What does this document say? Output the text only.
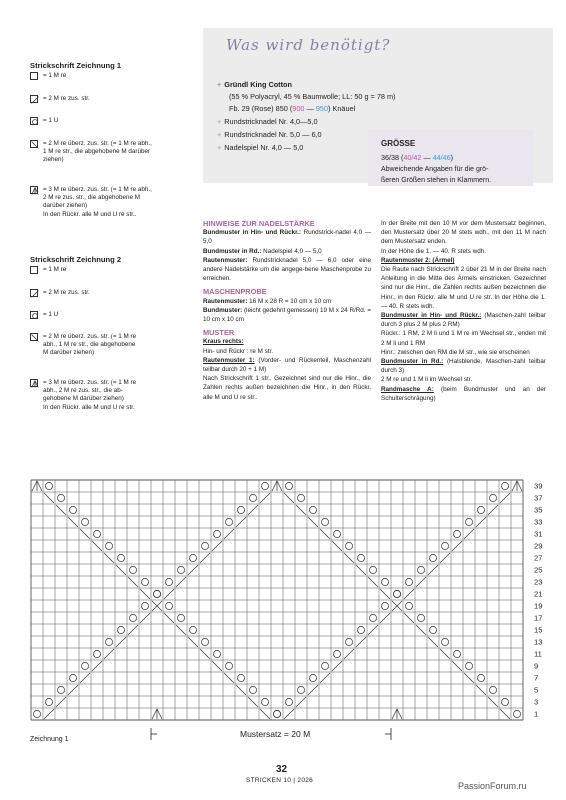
Strickschrift Zeichnung 1
= 1 M re
= 2 M re zus. str.
= 1 U
= 2 M re überz. zus. str. (= 1 M re abh.,
1 M re str., die abgehobene M darüber
ziehen)
= 3 M re überz. zus. str. (= 1 M re abh.,
2 M re zus. str., die abgehobene M
darüber ziehen)
In den Rückr. alle M und U re str..
Strickschrift Zeichnung 2
= 1 M re
= 2 M re zus. str.
= 1 U
= 2 M re überz. zus. str. (= 1 M re
abh., 1 M re str., die abgehobene
M darüber ziehen)
= 3 M re überz. zus. str. (= 1 M re
abh., 2 M re zus. str., die ab-
gehobene M darüber ziehen)
In den Rückr. alle M und U re str.
Was wird benötigt?
+ Gründl King Cotton
(55 % Polyacryl, 45 % Baumwolle; LL: 50 g = 78 m)
Fb. 29 (Rose) 850 (900 — 950) Knäuel
+ Rundstricknadel Nr. 4,0—5,0
+ Rundstricknadel Nr. 5,0 — 6,0
+ Nadelspiel Nr. 4,0 — 5,0	GRÖSSE
36/38 (40/42 — 44/46)
Abweichende Angaben für die grö-
ßeren Größen stehen in Klammern.
HINWEISE ZUR NADELSTÄRKE
Bundmuster in Hin- und Rückr.: Rundstrick-nadel 4,0 — 5,0
Bundmuster in Rd.: Nadelspiel 4,0 — 5,0
Rautenmuster: Rundstricknadel 5,0 — 6,0 oder eine andere Nadelstärke um die angege-bene Maschenprobe zu erreichen.
MASCHENPROBE
Rautenmuster: 16 M x 28 R = 10 cm x 10 cm
Bundmuster: (leicht gedehnt gemessen) 19 M x 24 R/Rd. = 10 cm x 10 cm
MUSTER
Kraus rechts:
Hin- und Rückr : re M str.
Rautenmuster 1: (Vorder- und Rückenteil, Maschenzahl teilbar durch 20 + 1 M)
Nach Strickschrift 1 str.. Gezeichnet sind nur die Hinr., die Zahlen rechts außen bezeichnen die Hinr., in den Rückr. alle M und U re str..
In der Breite mit den 10 M vor dem Mustersatz beginnen, den Mustersatz über 20 M stets wdh., mit den 11 M nach dem Mustersatz enden.
In der Höhe die 1. — 40. R stets wdh.
Rautenmuster 2: (Ärmel)
Die Raute nach Strickschrift 2 über 21 M in der Breite nach Anleitung in die Mitte des Ärmels einstricken. Gezeichnet sind nur die Hinr., die Zahlen rechts außen bezeichnen die Hinr., in den Rückr. alle M und U re str. In der Höhe die 1. — 40. R stets wdh.
Bundmuster in Hin- und Rückr.: (Maschen-zahl teilbar durch 3 plus 2 M plus 2 RM)
Rückr.: 1 RM, 2 M li und 1 M re im Wechsel str., enden mit 2 M li und 1 RM
Hinr.: zwischen den RM die M str., wie sie erscheinen
Bundmuster in Rd.: (Halsblende, Maschen-zahl teilbar durch 3)
2 M re und 1 M li im Wechsel str.
Randmasche A: (beim Bundmuster und an der Schulterschrägung)
1
3
5
7
9
11
13
15
17
19
21
23
25
27
29
31
33
35
37
39
Zeichnung 1
Mustersatz = 20 M
32
STRICKEN 10 | 2026
PassionForum.ru
